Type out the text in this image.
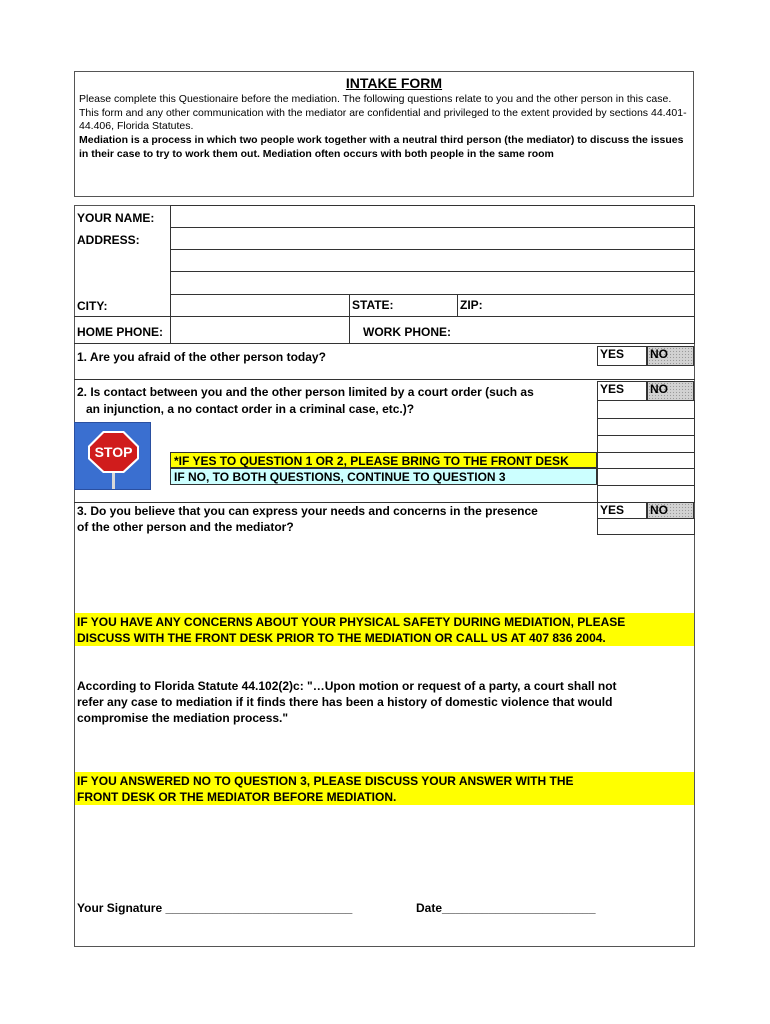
INTAKE FORM
Please complete this Questionaire before the mediation. The following questions relate to you and the other person in this case. This form and any other communication with the mediator are confidential and privileged to the extent provided by sections 44.401-44.406, Florida Statutes.
Mediation is a process in which two people work together with a neutral third person (the mediator) to discuss the issues in their case to try to work them out. Mediation often occurs with both people in the same room
YOUR NAME:
ADDRESS:
CITY:	STATE:	ZIP:
HOME PHONE:	WORK PHONE:
1. Are you afraid of the other person today?	YES	NO
2. Is contact between you and the other person limited by a court order (such as
an injunction, a no contact order in a criminal case, etc.)?
YES	NO
STOP
*IF YES TO QUESTION 1 OR 2, PLEASE BRING TO THE FRONT DESK
IF NO, TO BOTH QUESTIONS, CONTINUE TO QUESTION 3
3. Do you believe that you can express your needs and concerns in the presence
of the other person and the mediator?
YES	NO
IF YOU HAVE ANY CONCERNS ABOUT YOUR PHYSICAL SAFETY DURING MEDIATION, PLEASE
DISCUSS WITH THE FRONT DESK PRIOR TO THE MEDIATION OR CALL US AT 407 836 2004.
According to Florida Statute 44.102(2)c: "…Upon motion or request of a party, a court shall not
refer any case to mediation if it finds there has been a history of domestic violence that would
compromise the mediation process."
IF YOU ANSWERED NO TO QUESTION 3, PLEASE DISCUSS YOUR ANSWER WITH THE
FRONT DESK OR THE MEDIATOR BEFORE MEDIATION.
Your Signature ____________________________	Date_______________________
